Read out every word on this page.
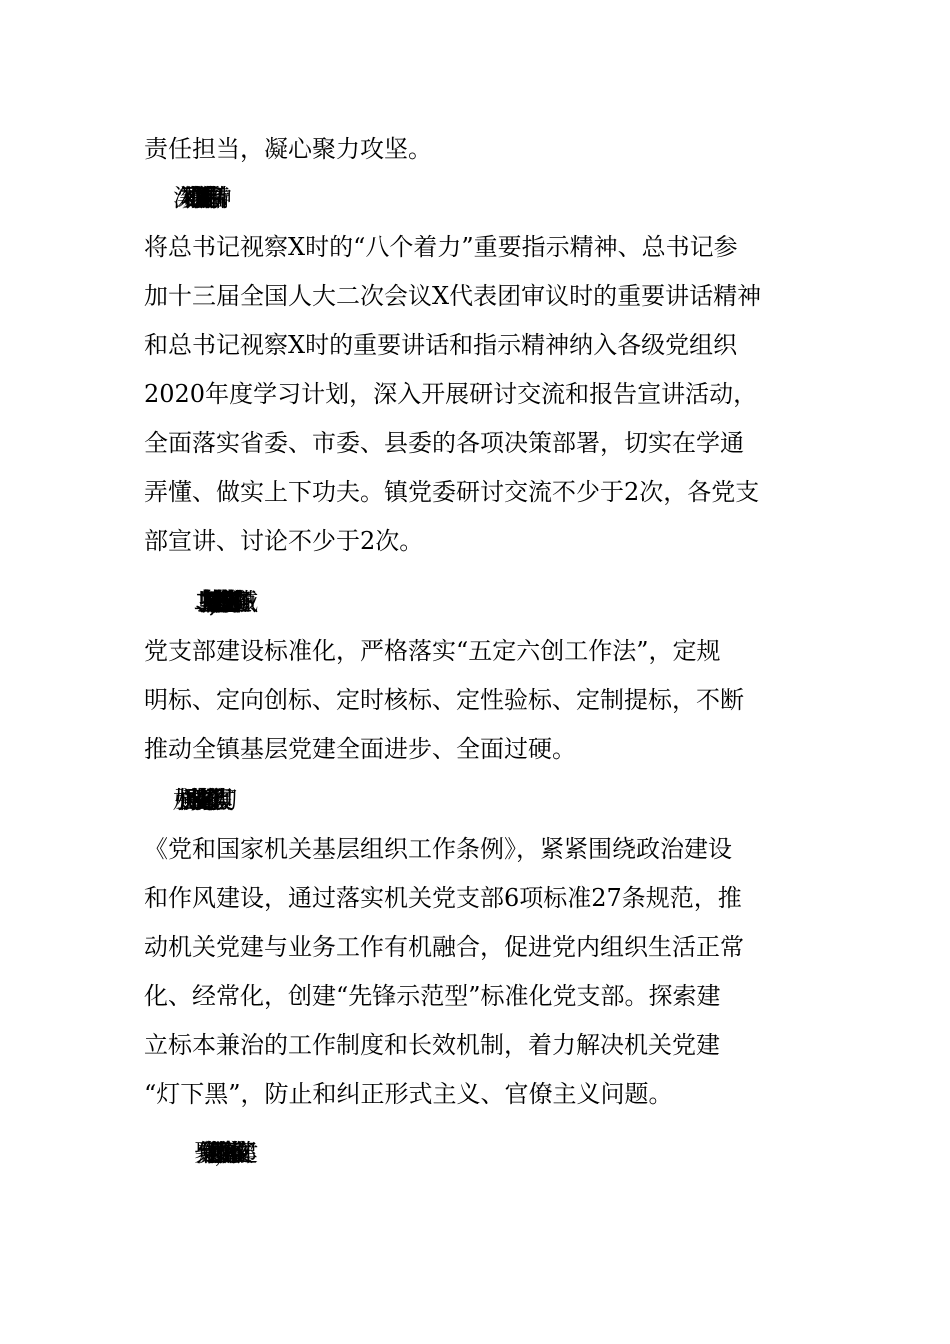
责任担当，凝心聚力攻坚。
3.深入学习贯彻总书记关于X的重要讲话和指示精神。
将总书记视察X时的“八个着力”重要指示精神、总书记参
加十三届全国人大二次会议X代表团审议时的重要讲话精神
和总书记视察X时的重要讲话和指示精神纳入各级党组织
2020年度学习计划，深入开展研讨交流和报告宣讲活动，
全面落实省委、市委、县委的各项决策部署，切实在学通
弄懂、做实上下功夫。镇党委研讨交流不少于2次，各党支
部宣讲、讨论不少于2次。
二、坚持对标对表，建设过硬支部。扎实推进各领域
党支部建设标准化，严格落实“五定六创工作法”，定规
明标、定向创标、定时核标、定性验标、定制提标，不断
推动全镇基层党建全面进步、全面过硬。
4.加强机关、事业单位党支部建设标准化。认真贯彻
《党和国家机关基层组织工作条例》，紧紧围绕政治建设
和作风建设，通过落实机关党支部6项标准27条规范，推
动机关党建与业务工作有机融合，促进党内组织生活正常
化、经常化，创建“先锋示范型”标准化党支部。探索建
立标本兼治的工作制度和长效机制，着力解决机关党建
“灯下黑”，防止和纠正形式主义、官僚主义问题。
聚焦党建引领和政治吸纳，全面落实事业单位支部建
